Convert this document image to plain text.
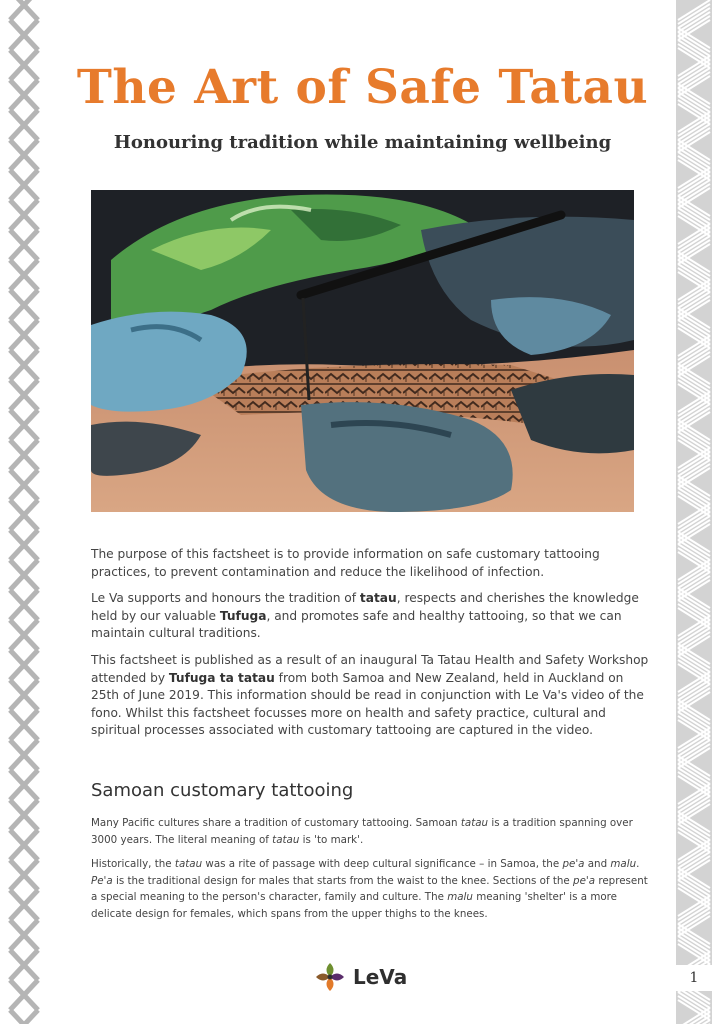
The Art of Safe Tatau
Honouring tradition while maintaining wellbeing

The purpose of this factsheet is to provide information on safe customary tattooing practices, to prevent contamination and reduce the likelihood of infection.

Le Va supports and honours the tradition of tatau, respects and cherishes the knowledge held by our valuable Tufuga, and promotes safe and healthy tattooing, so that we can maintain cultural traditions.

This factsheet is published as a result of an inaugural Ta Tatau Health and Safety Workshop attended by Tufuga ta tatau from both Samoa and New Zealand, held in Auckland on 25th of June 2019. This information should be read in conjunction with Le Va's video of the fono. Whilst this factsheet focusses more on health and safety practice, cultural and spiritual processes associated with customary tattooing are captured in the video.

Samoan customary tattooing

Many Pacific cultures share a tradition of customary tattooing. Samoan tatau is a tradition spanning over 3000 years. The literal meaning of tatau is 'to mark'.

Historically, the tatau was a rite of passage with deep cultural significance – in Samoa, the pe'a and malu. Pe'a is the traditional design for males that starts from the waist to the knee. Sections of the pe'a represent a special meaning to the person's character, family and culture. The malu meaning 'shelter' is a more delicate design for females, which spans from the upper thighs to the knees.

LeVa	1
